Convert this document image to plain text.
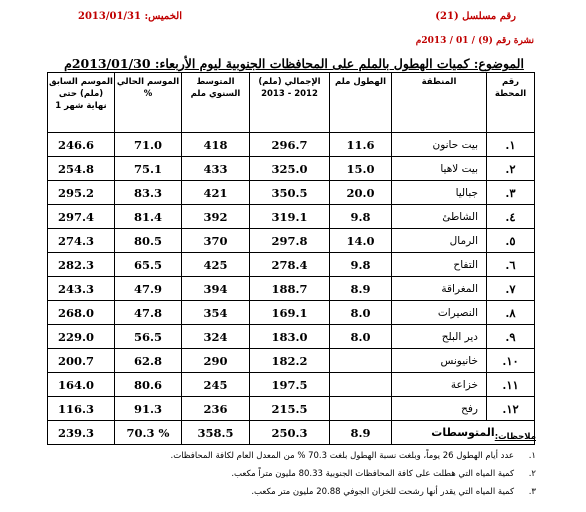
الخميس: 2013/01/31	رقم مسلسل (21)
نشرة رقم (9) / 01 / 2013م
الموضوع: كميات الهطول بالملم على المحافظات الجنوبية ليوم الأربعاء: 2013/01/30م
رقم المحطة	المنطقة	الهطول ملم	الإجمالي (ملم) 2012 - 2013	المتوسط السنوي ملم	الموسم الحالي %	الموسم السابق (ملم) حتى نهاية شهر 1
١.	بيت حانون	11.6	296.7	418	71.0	246.6
٢.	بيت لاهيا	15.0	325.0	433	75.1	254.8
٣.	جباليا	20.0	350.5	421	83.3	295.2
٤.	الشاطئ	9.8	319.1	392	81.4	297.4
٥.	الرمال	14.0	297.8	370	80.5	274.3
٦.	التفاح	9.8	278.4	425	65.5	282.3
٧.	المغراقة	8.9	188.7	394	47.9	243.3
٨.	النصيرات	8.0	169.1	354	47.8	268.0
٩.	دير البلح	8.0	183.0	324	56.5	229.0
١٠.	خانيونس		182.2	290	62.8	200.7
١١.	خزاعة		197.5	245	80.6	164.0
١٢.	رفح		215.5	236	91.3	116.3
المتوسطات		8.9	250.3	358.5	70.3 %	239.3	ملاحظات:
١.
عدد أيام الهطول 26 يوماً، وبلغت نسبة الهطول بلغت 70.3 % من المعدل العام لكافة المحافظات.
٢.
كمية المياه التي هطلت على كافة المحافظات الجنوبية 80.33 مليون متراً مكعب.
٣.
كمية المياه التي يقدر أنها رشحت للخزان الجوفي 20.88 مليون متر مكعب.
